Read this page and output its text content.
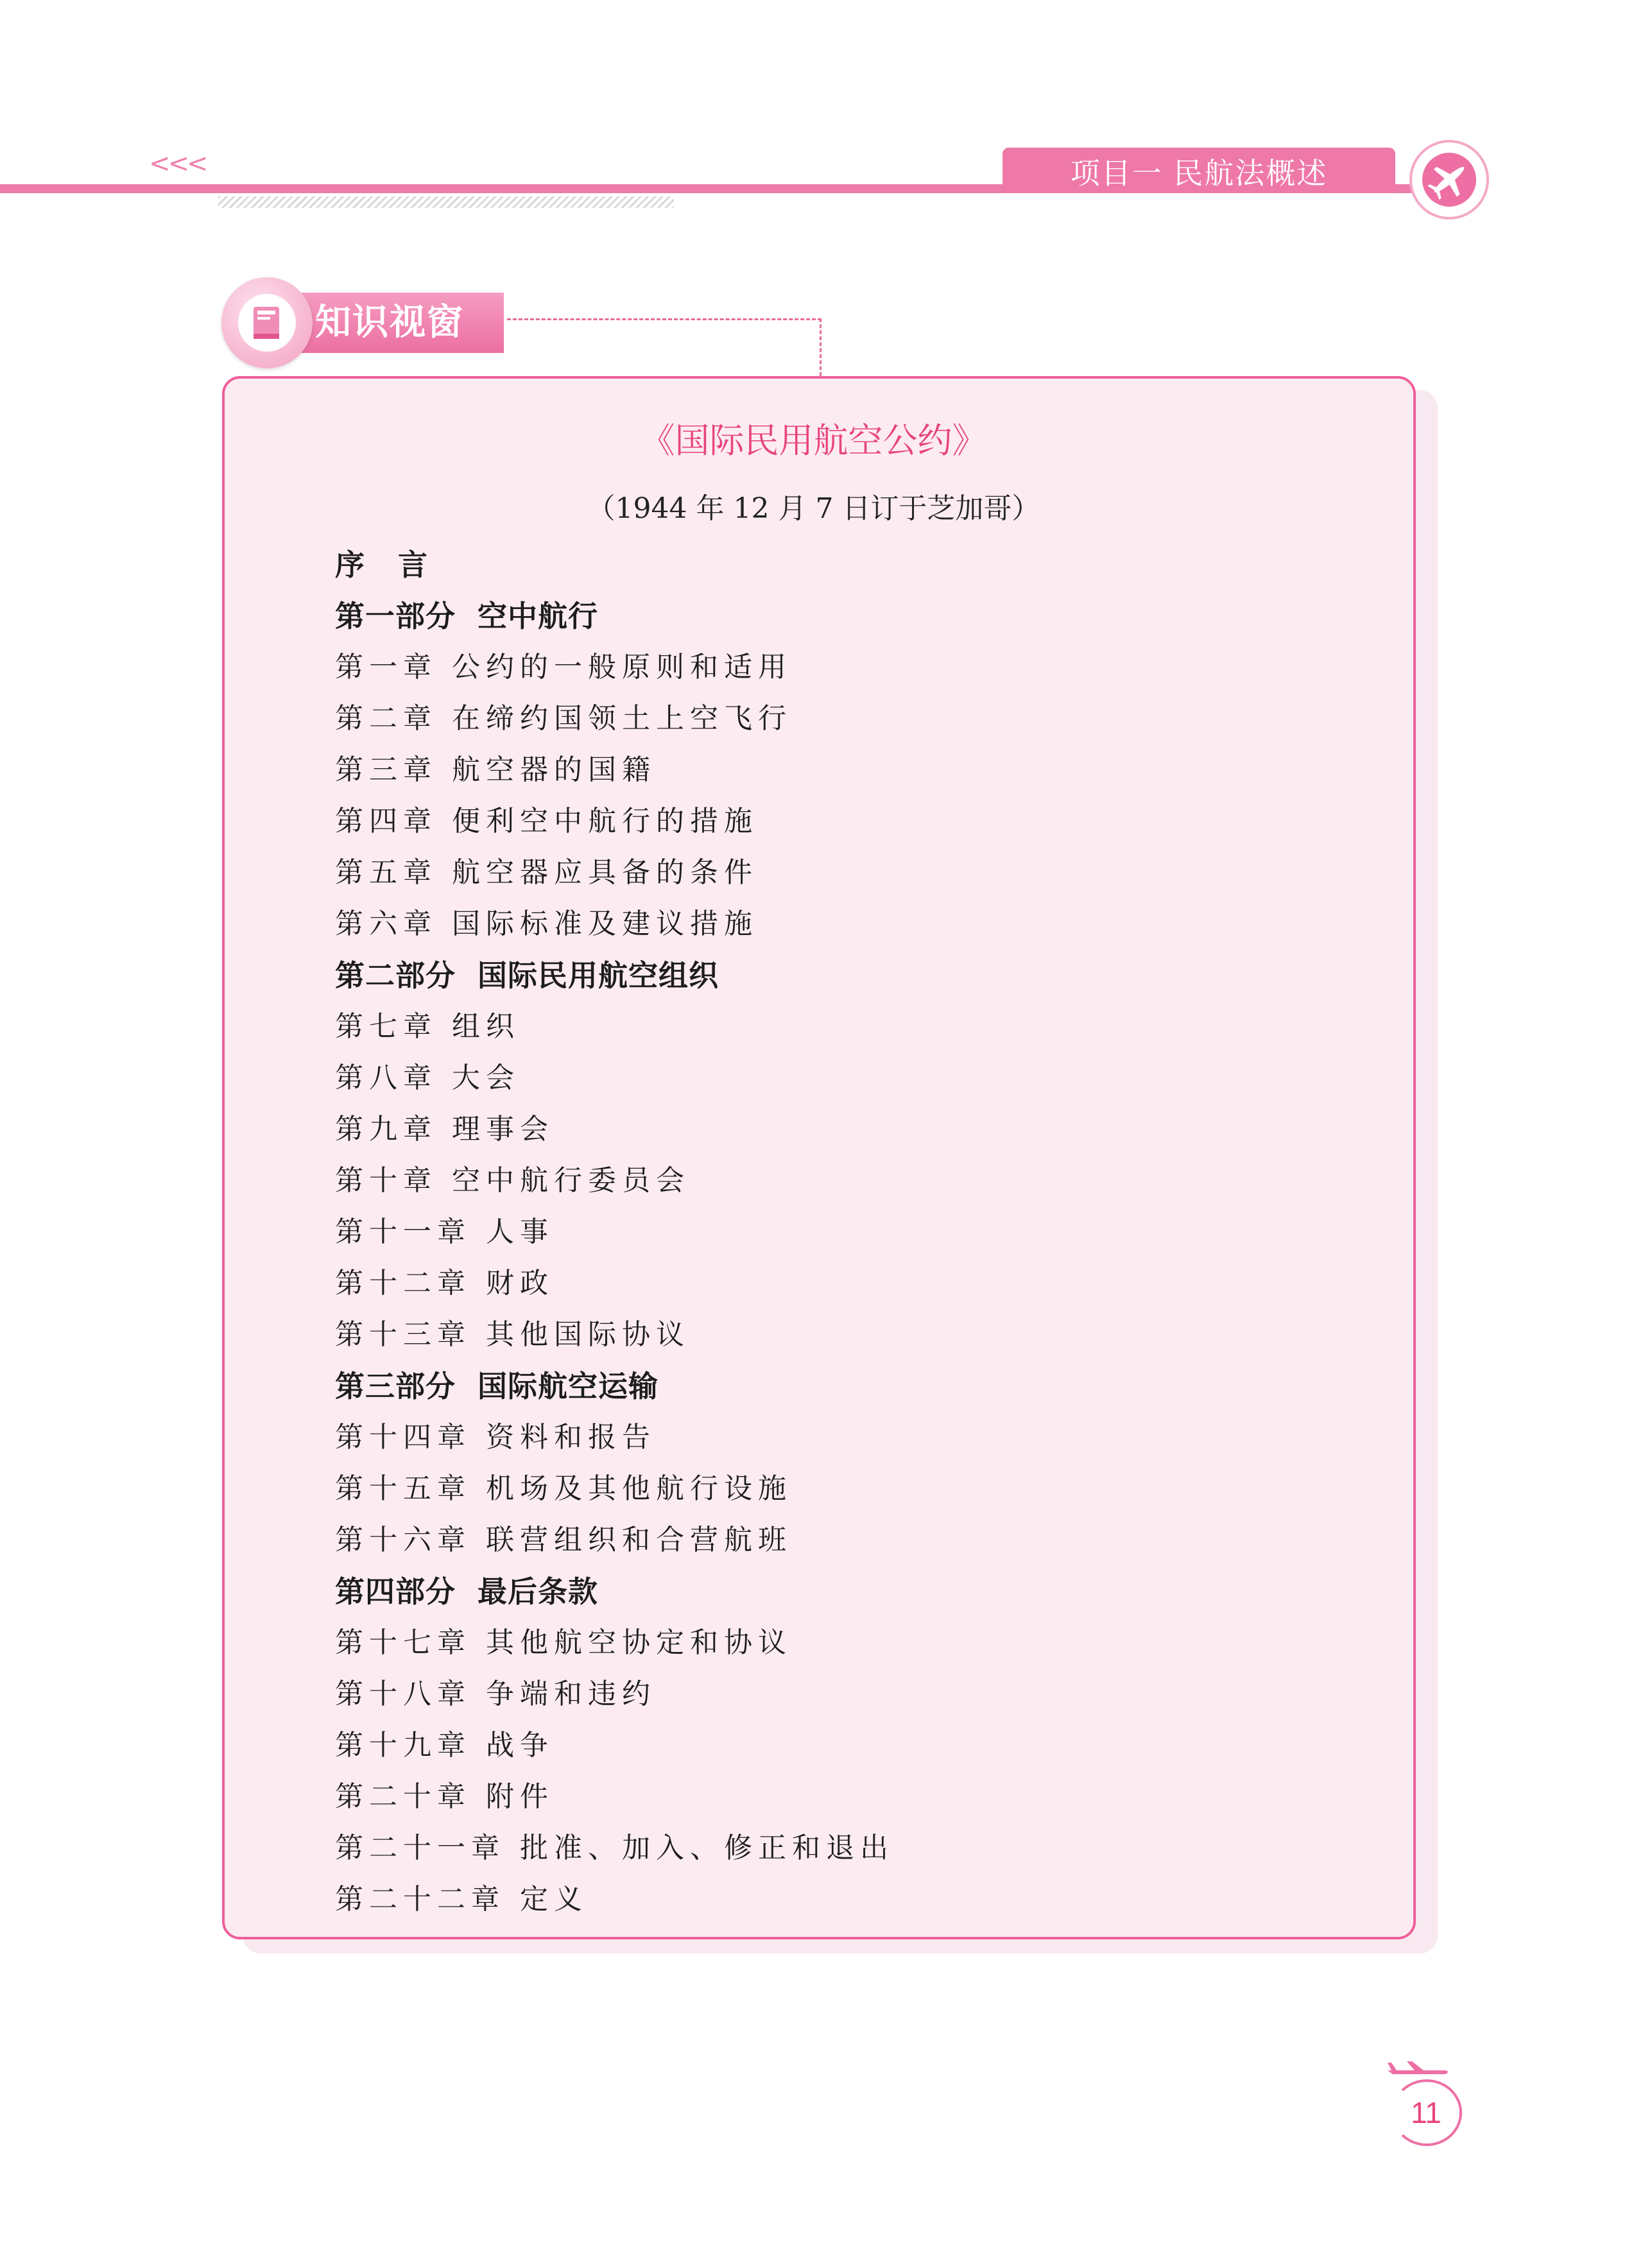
<<<	项目一 民航法概述
知识视窗
《国际民用航空公约》
（1944 年 12 月 7 日订于芝加哥）
序   言
第一部分  空中航行
第一章 公约的一般原则和适用
第二章 在缔约国领土上空飞行
第三章 航空器的国籍
第四章 便利空中航行的措施
第五章 航空器应具备的条件
第六章 国际标准及建议措施
第二部分  国际民用航空组织
第七章 组织
第八章 大会
第九章 理事会
第十章 空中航行委员会
第十一章 人事
第十二章 财政
第十三章 其他国际协议
第三部分  国际航空运输
第十四章 资料和报告
第十五章 机场及其他航行设施
第十六章 联营组织和合营航班
第四部分  最后条款
第十七章 其他航空协定和协议
第十八章 争端和违约
第十九章 战争
第二十章 附件
第二十一章 批准、加入、修正和退出
第二十二章 定义
11
